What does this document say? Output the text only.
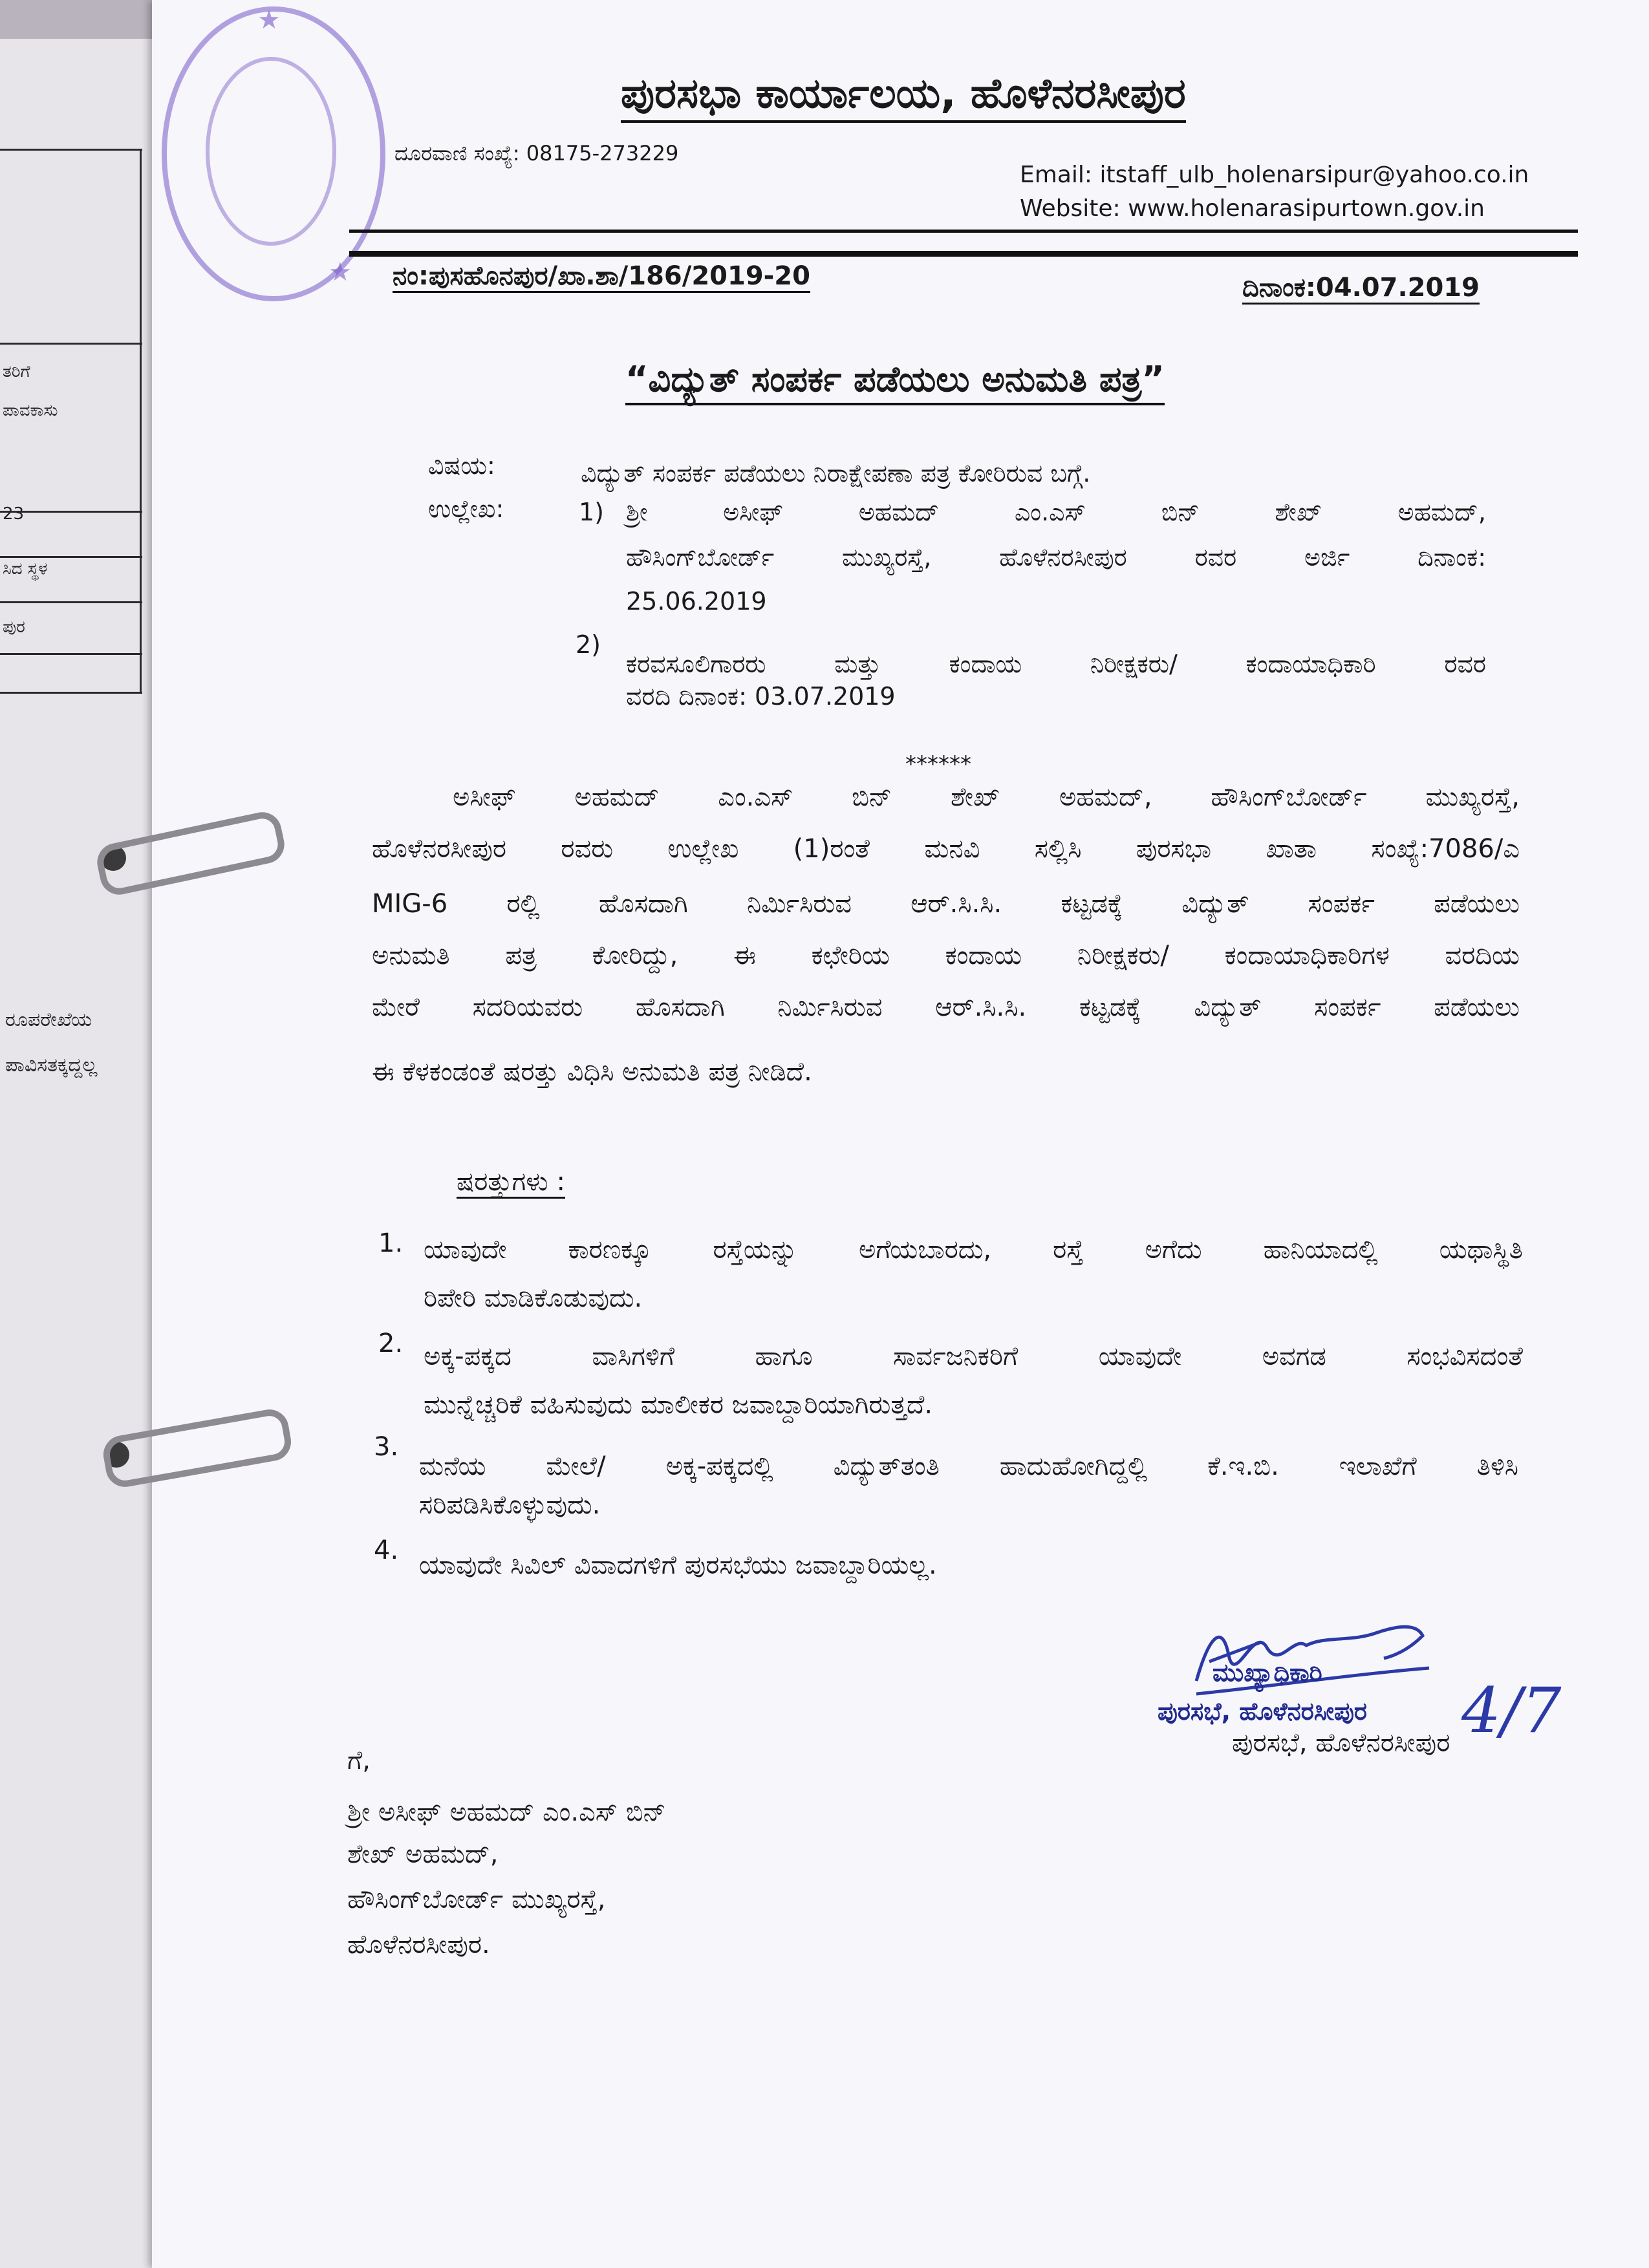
ತರಿಗೆ
ಪಾವಕಾಸು
23
ಸಿದ ಸ್ಥಳ
ಪುರ
ರೂಪರೇಖೆಯ
ಪಾವಿಸತಕ್ಕದ್ದಲ್ಲ
★
★
ಪುರಸಭಾ ಕಾರ್ಯಾಲಯ, ಹೊಳೆನರಸೀಪುರ
ದೂರವಾಣಿ ಸಂಖ್ಯೆ: 08175-273229
Email: itstaff_ulb_holenarsipur@yahoo.co.in
Website: www.holenarasipurtown.gov.in
ನಂ:ಪುಸಹೊನಪುರ/ಖಾ.ಶಾ/186/2019-20	ದಿನಾಂಕ:04.07.2019
“ವಿದ್ಯುತ್ ಸಂಪರ್ಕ ಪಡೆಯಲು ಅನುಮತಿ ಪತ್ರ”
ವಿಷಯ:	ವಿದ್ಯುತ್ ಸಂಪರ್ಕ ಪಡೆಯಲು ನಿರಾಕ್ಷೇಪಣಾ ಪತ್ರ ಕೋರಿರುವ ಬಗ್ಗೆ.
ಉಲ್ಲೇಖ:	1) ಶ್ರೀ ಅಸೀಫ್ ಅಹಮದ್ ಎಂ.ಎಸ್ ಬಿನ್ ಶೇಖ್ ಅಹಮದ್,
ಹೌಸಿಂಗ್‌ಬೋರ್ಡ್ ಮುಖ್ಯರಸ್ತೆ, ಹೊಳೆನರಸೀಪುರ ರವರ ಅರ್ಜಿ ದಿನಾಂಕ:
25.06.2019
2)
ಕರವಸೂಲಿಗಾರರು ಮತ್ತು ಕಂದಾಯ ನಿರೀಕ್ಷಕರು/ ಕಂದಾಯಾಧಿಕಾರಿ ರವರ
ವರದಿ ದಿನಾಂಕ: 03.07.2019
******
ಅಸೀಫ್ ಅಹಮದ್ ಎಂ.ಎಸ್ ಬಿನ್ ಶೇಖ್ ಅಹಮದ್, ಹೌಸಿಂಗ್‌ಬೋರ್ಡ್ ಮುಖ್ಯರಸ್ತೆ,
ಹೊಳೆನರಸೀಪುರ ರವರು ಉಲ್ಲೇಖ (1)ರಂತೆ ಮನವಿ ಸಲ್ಲಿಸಿ ಪುರಸಭಾ ಖಾತಾ ಸಂಖ್ಯೆ:7086/ಎ
MIG-6 ರಲ್ಲಿ ಹೊಸದಾಗಿ ನಿರ್ಮಿಸಿರುವ ಆರ್.ಸಿ.ಸಿ. ಕಟ್ಟಡಕ್ಕೆ ವಿದ್ಯುತ್ ಸಂಪರ್ಕ ಪಡೆಯಲು
ಅನುಮತಿ ಪತ್ರ ಕೋರಿದ್ದು, ಈ ಕಛೇರಿಯ ಕಂದಾಯ ನಿರೀಕ್ಷಕರು/ ಕಂದಾಯಾಧಿಕಾರಿಗಳ ವರದಿಯ
ಮೇರೆ ಸದರಿಯವರು ಹೊಸದಾಗಿ ನಿರ್ಮಿಸಿರುವ ಆರ್.ಸಿ.ಸಿ. ಕಟ್ಟಡಕ್ಕೆ ವಿದ್ಯುತ್ ಸಂಪರ್ಕ ಪಡೆಯಲು
ಈ ಕೆಳಕಂಡಂತೆ ಷರತ್ತು ವಿಧಿಸಿ ಅನುಮತಿ ಪತ್ರ ನೀಡಿದೆ.
ಷರತ್ತುಗಳು :
1. ಯಾವುದೇ ಕಾರಣಕ್ಕೂ ರಸ್ತೆಯನ್ನು ಅಗೆಯಬಾರದು, ರಸ್ತೆ ಅಗೆದು ಹಾನಿಯಾದಲ್ಲಿ ಯಥಾಸ್ಥಿತಿ
ರಿಪೇರಿ ಮಾಡಿಕೊಡುವುದು.
2. ಅಕ್ಕ-ಪಕ್ಕದ ವಾಸಿಗಳಿಗೆ ಹಾಗೂ ಸಾರ್ವಜನಿಕರಿಗೆ ಯಾವುದೇ ಅವಗಡ ಸಂಭವಿಸದಂತೆ
ಮುನ್ನೆಚ್ಚರಿಕೆ ವಹಿಸುವುದು ಮಾಲೀಕರ ಜವಾಬ್ದಾರಿಯಾಗಿರುತ್ತದೆ.
3.
ಮನೆಯ ಮೇಲೆ/ ಅಕ್ಕ-ಪಕ್ಕದಲ್ಲಿ ವಿದ್ಯುತ್‌ತಂತಿ ಹಾದುಹೋಗಿದ್ದಲ್ಲಿ ಕೆ.ಇ.ಬಿ. ಇಲಾಖೆಗೆ ತಿಳಿಸಿ
ಸರಿಪಡಿಸಿಕೊಳ್ಳುವುದು.
4. ಯಾವುದೇ ಸಿವಿಲ್ ವಿವಾದಗಳಿಗೆ ಪುರಸಭೆಯು ಜವಾಬ್ದಾರಿಯಲ್ಲ.
ಮುಖ್ಯಾಧಿಕಾರಿ
ಪುರಸಭೆ, ಹೊಳೆನರಸೀಪುರ
ಪುರಸಭೆ, ಹೊಳೆನರಸೀಪುರ 4/7
ಗೆ,
ಶ್ರೀ ಅಸೀಫ್ ಅಹಮದ್ ಎಂ.ಎಸ್ ಬಿನ್
ಶೇಖ್ ಅಹಮದ್,
ಹೌಸಿಂಗ್‌ಬೋರ್ಡ್ ಮುಖ್ಯರಸ್ತೆ,
ಹೊಳೆನರಸೀಪುರ.
